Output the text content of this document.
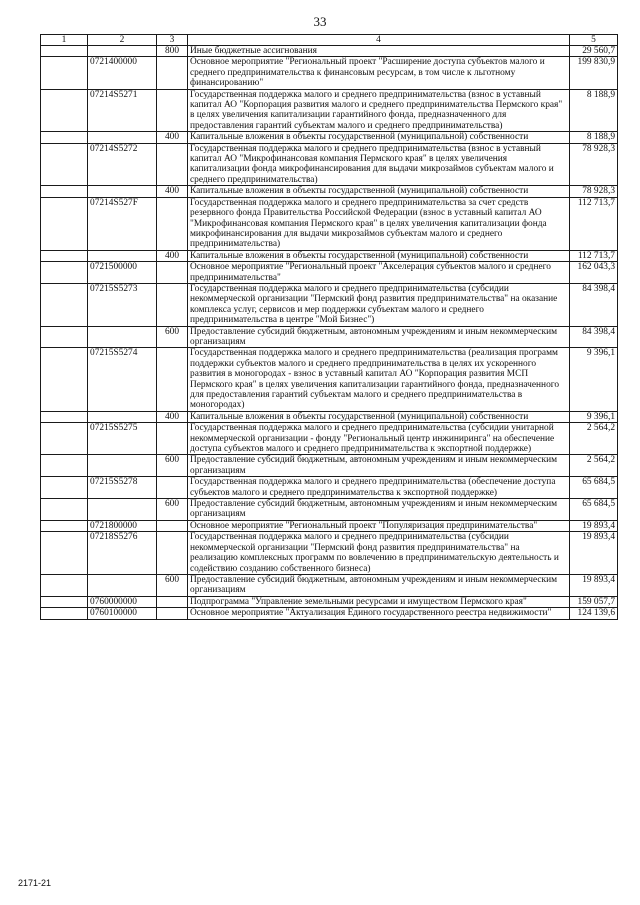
33
1	2	3	4	5
		800	Иные бюджетные ассигнования	29 560,7
	0721400000		Основное мероприятие "Региональный проект "Расширение доступа субъектов малого и среднего предпринимательства к финансовым ресурсам, в том числе к льготному финансированию"	199 830,9
	07214S5271		Государственная поддержка малого и среднего предпринимательства (взнос в уставный капитал АО "Корпорация развития малого и среднего предпринимательства Пермского края" в целях увеличения капитализации гарантийного фонда, предназначенного для предоставления гарантий субъектам малого и среднего предпринимательства)	8 188,9
		400	Капитальные вложения в объекты государственной (муниципальной) собственности	8 188,9
	07214S5272		Государственная поддержка малого и среднего предпринимательства (взнос в уставный капитал АО "Микрофинансовая компания Пермского края" в целях увеличения капитализации фонда микрофинансирования для выдачи микрозаймов субъектам малого и среднего предпринимательства)	78 928,3
		400	Капитальные вложения в объекты государственной (муниципальной) собственности	78 928,3
	07214S527F		Государственная поддержка малого и среднего предпринимательства за счет средств резервного фонда Правительства Российской Федерации (взнос в уставный капитал АО "Микрофинансовая компания Пермского края" в целях увеличения капитализации фонда микрофинансирования для выдачи микрозаймов субъектам малого и среднего предпринимательства)	112 713,7
		400	Капитальные вложения в объекты государственной (муниципальной) собственности	112 713,7
	0721500000		Основное мероприятие "Региональный проект "Акселерация субъектов малого и среднего предпринимательства"	162 043,3
	07215S5273		Государственная поддержка малого и среднего предпринимательства (субсидии некоммерческой организации "Пермский фонд развития предпринимательства" на оказание комплекса услуг, сервисов и мер поддержки субъектам малого и среднего предпринимательства в центре "Мой Бизнес")	84 398,4
		600	Предоставление субсидий бюджетным, автономным учреждениям и иным некоммерческим организациям	84 398,4
	07215S5274		Государственная поддержка малого и среднего предпринимательства (реализация программ поддержки субъектов малого и среднего предпринимательства в целях их ускоренного развития в моногородах - взнос в уставный капитал АО "Корпорация развития МСП Пермского края" в целях увеличения капитализации гарантийного фонда, предназначенного для предоставления гарантий субъектам малого и среднего предпринимательства в моногородах)	9 396,1
		400	Капитальные вложения в объекты государственной (муниципальной) собственности	9 396,1
	07215S5275		Государственная поддержка малого и среднего предпринимательства (субсидии унитарной некоммерческой организации - фонду "Региональный центр инжиниринга" на обеспечение доступа субъектов малого и среднего предпринимательства к экспортной поддержке)	2 564,2
		600	Предоставление субсидий бюджетным, автономным учреждениям и иным некоммерческим организациям	2 564,2
	07215S5278		Государственная поддержка малого и среднего предпринимательства (обеспечение доступа субъектов малого и среднего предпринимательства к экспортной поддержке)	65 684,5
		600	Предоставление субсидий бюджетным, автономным учреждениям и иным некоммерческим организациям	65 684,5
	0721800000		Основное мероприятие "Региональный проект "Популяризация предпринимательства"	19 893,4
	07218S5276		Государственная поддержка малого и среднего предпринимательства (субсидии некоммерческой организации "Пермский фонд развития предпринимательства" на реализацию комплексных программ по вовлечению в предпринимательскую деятельность и содействию созданию собственного бизнеса)	19 893,4
		600	Предоставление субсидий бюджетным, автономным учреждениям и иным некоммерческим организациям	19 893,4
	0760000000		Подпрограмма "Управление земельными ресурсами и имуществом Пермского края"	159 057,7
	0760100000		Основное мероприятие "Актуализация Единого государственного реестра недвижимости"	124 139,6
2171-21
